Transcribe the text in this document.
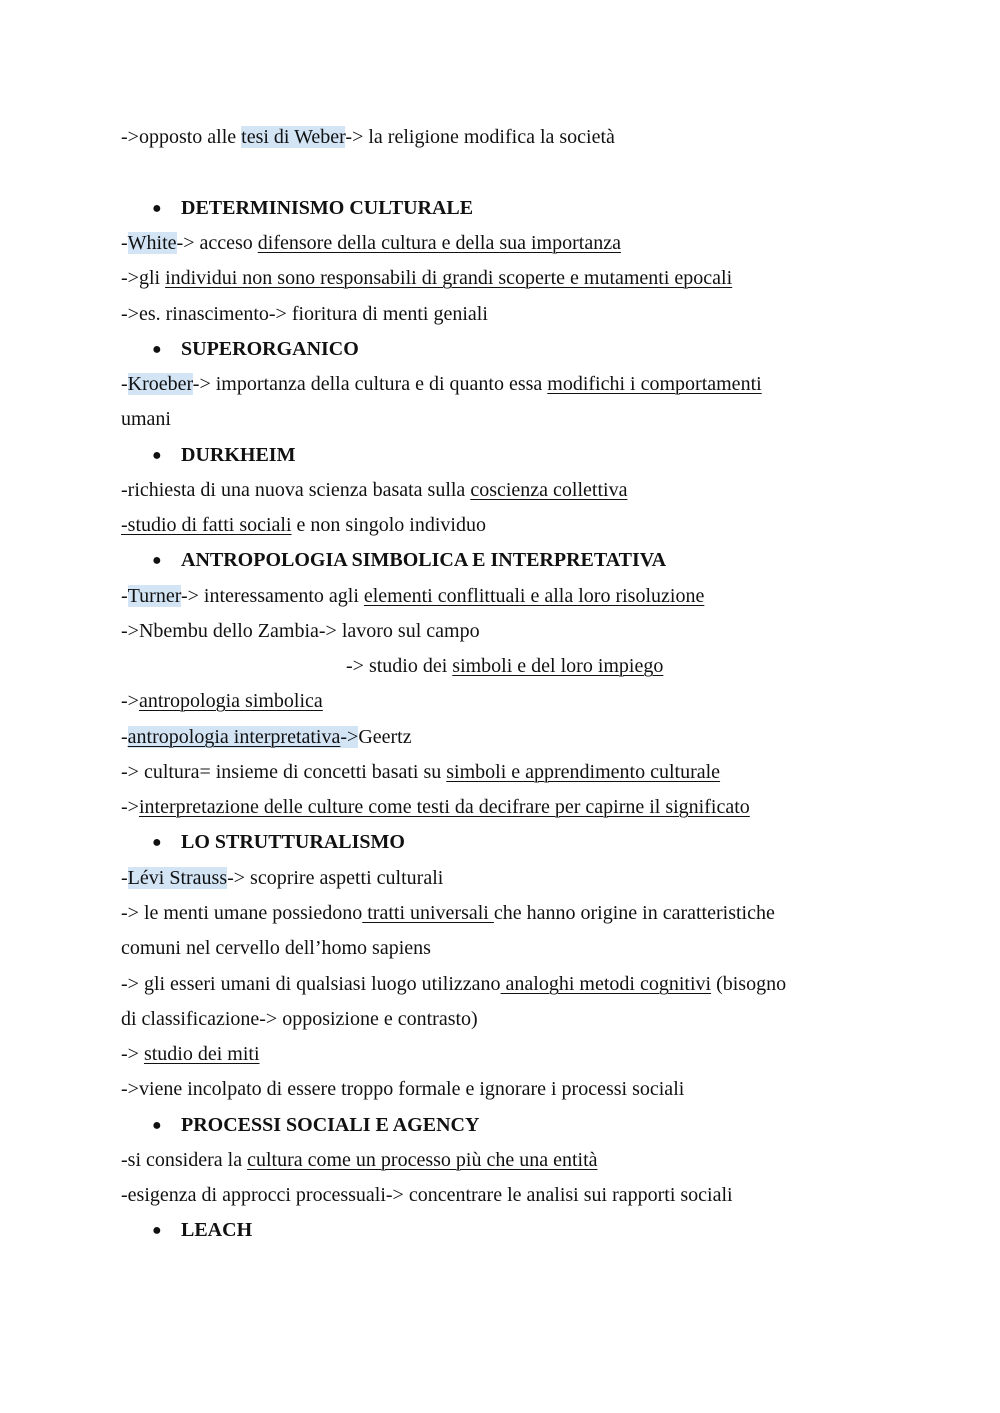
->opposto alle tesi di Weber-> la religione modifica la società
● DETERMINISMO CULTURALE
-White-> acceso difensore della cultura e della sua importanza
->gli individui non sono responsabili di grandi scoperte e mutamenti epocali
->es. rinascimento-> fioritura di menti geniali
● SUPERORGANICO
-Kroeber-> importanza della cultura e di quanto essa modifichi i comportamenti
umani
● DURKHEIM
-richiesta di una nuova scienza basata sulla coscienza collettiva
-studio di fatti sociali e non singolo individuo
● ANTROPOLOGIA SIMBOLICA E INTERPRETATIVA
-Turner-> interessamento agli elementi conflittuali e alla loro risoluzione
->Nbembu dello Zambia-> lavoro sul campo
-> studio dei simboli e del loro impiego
->antropologia simbolica
-antropologia interpretativa->Geertz
-> cultura= insieme di concetti basati su simboli e apprendimento culturale
->interpretazione delle culture come testi da decifrare per capirne il significato
● LO STRUTTURALISMO
-Lévi Strauss-> scoprire aspetti culturali
-> le menti umane possiedono tratti universali che hanno origine in caratteristiche
comuni nel cervello dell’homo sapiens
-> gli esseri umani di qualsiasi luogo utilizzano analoghi metodi cognitivi (bisogno
di classificazione-> opposizione e contrasto)
-> studio dei miti
->viene incolpato di essere troppo formale e ignorare i processi sociali
● PROCESSI SOCIALI E AGENCY
-si considera la cultura come un processo più che una entità
-esigenza di approcci processuali-> concentrare le analisi sui rapporti sociali
● LEACH
